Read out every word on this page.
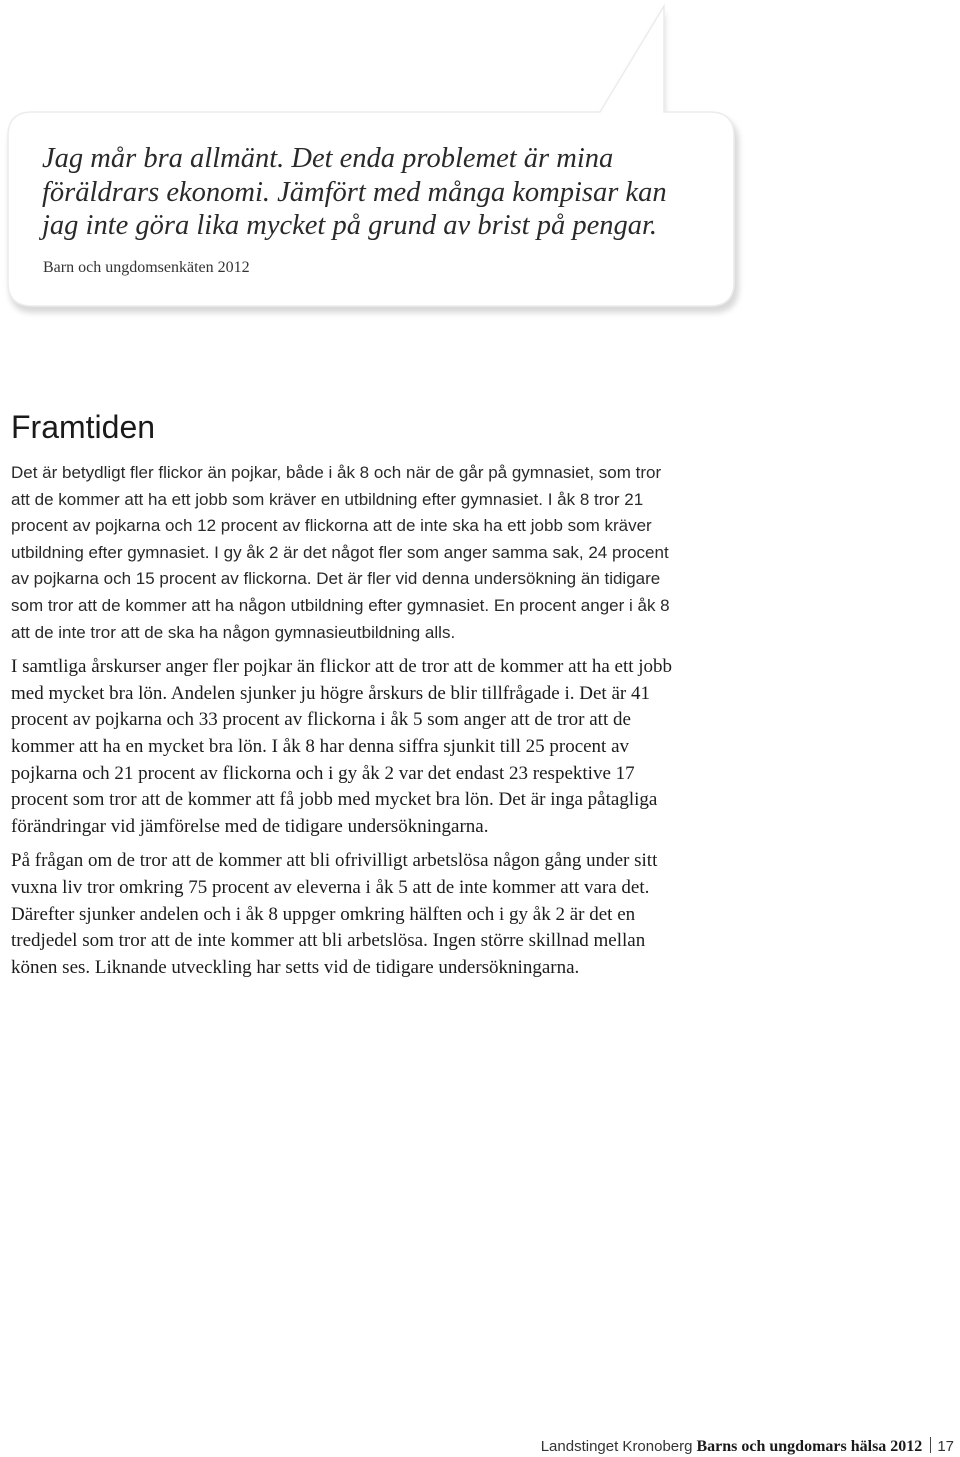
Jag mår bra allmänt. Det enda problemet är mina
föräldrars ekonomi. Jämfört med många kompisar kan
jag inte göra lika mycket på grund av brist på pengar.

Barn och ungdomsenkäten 2012

Framtiden

Det är betydligt fler flickor än pojkar, både i åk 8 och när de går på gymnasiet, som tror att de kommer att ha ett jobb som kräver en utbildning efter gymnasiet. I åk 8 tror 21 procent av pojkarna och 12 procent av flickorna att de inte ska ha ett jobb som kräver utbildning efter gymnasiet. I gy åk 2 är det något fler som anger samma sak, 24 procent av pojkarna och 15 procent av flickorna. Det är fler vid denna undersökning än tidigare som tror att de kommer att ha någon utbildning efter gymnasiet. En procent anger i åk 8 att de inte tror att de ska ha någon gymnasieutbildning alls.

I samtliga årskurser anger fler pojkar än flickor att de tror att de kommer att ha ett jobb med mycket bra lön. Andelen sjunker ju högre årskurs de blir tillfrågade i. Det är 41 procent av pojkarna och 33 procent av flickorna i åk 5 som anger att de tror att de kommer att ha en mycket bra lön. I åk 8 har denna siffra sjunkit till 25 procent av pojkarna och 21 procent av flickorna och i gy åk 2 var det endast 23 respektive 17 procent som tror att de kommer att få jobb med mycket bra lön. Det är inga påtagliga förändringar vid jämförelse med de tidigare undersökningarna.

På frågan om de tror att de kommer att bli ofrivilligt arbetslösa någon gång under sitt vuxna liv tror omkring 75 procent av eleverna i åk 5 att de inte kommer att vara det. Därefter sjunker andelen och i åk 8 uppger omkring hälften och i gy åk 2 är det en tredjedel som tror att de inte kommer att bli arbetslösa. Ingen större skillnad mellan könen ses. Liknande utveckling har setts vid de tidigare undersökningarna.

Landstinget Kronoberg Barns och ungdomars hälsa 2012 17
